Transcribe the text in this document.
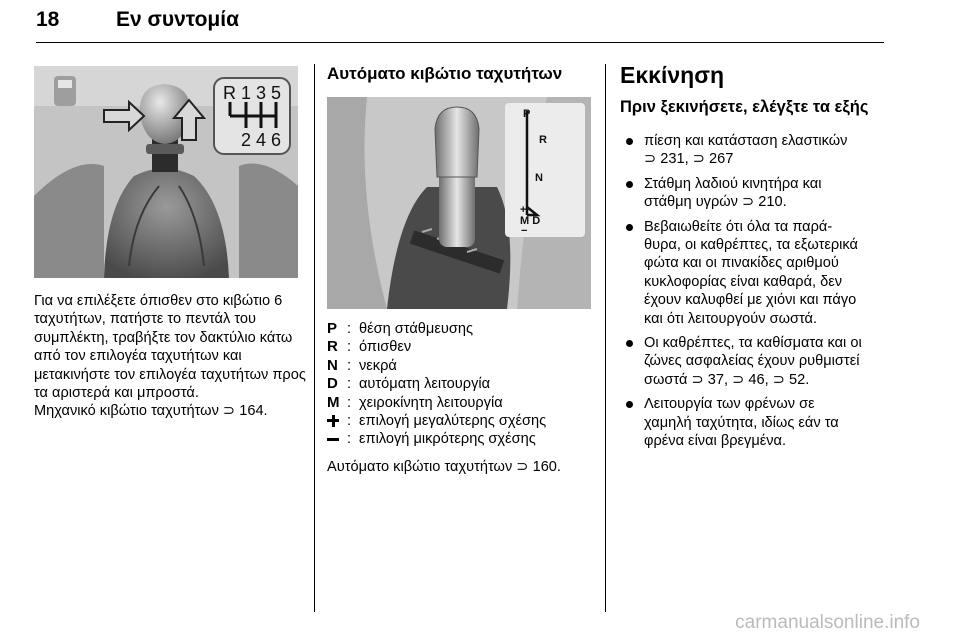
18	Εν συντομία
R 1 3 5
2 4 6
Για να επιλέξετε όπισθεν στο κιβώτιο 6 ταχυτήτων, πατήστε το πεντάλ του συμπλέκτη, τραβήξτε τον δακτύλιο κάτω από τον επιλογέα ταχυτήτων και μετακινήστε τον επιλογέα ταχυτήτων προς τα αριστερά και μπροστά.
Μηχανικό κιβώτιο ταχυτήτων ⊃ 164.
Αυτόματο κιβώτιο ταχυτήτων
P
R
N
+
M D
−
P : θέση στάθμευσης
R : όπισθεν
N : νεκρά
D : αυτόματη λειτουργία
M : χειροκίνητη λειτουργία
: επιλογή μεγαλύτερης σχέσης
: επιλογή μικρότερης σχέσης
Αυτόματο κιβώτιο ταχυτήτων ⊃ 160.
Εκκίνηση
Πριν ξεκινήσετε, ελέγξτε τα εξής
πίεση και κατάσταση ελαστικών
⊃ 231, ⊃ 267
Στάθμη λαδιού κινητήρα και
στάθμη υγρών ⊃ 210.
Βεβαιωθείτε ότι όλα τα παρά-
θυρα, οι καθρέπτες, τα εξωτερικά
φώτα και οι πινακίδες αριθμού
κυκλοφορίας είναι καθαρά, δεν
έχουν καλυφθεί με χιόνι και πάγο
και ότι λειτουργούν σωστά.
Οι καθρέπτες, τα καθίσματα και οι
ζώνες ασφαλείας έχουν ρυθμιστεί
σωστά ⊃ 37, ⊃ 46, ⊃ 52.
Λειτουργία των φρένων σε
χαμηλή ταχύτητα, ιδίως εάν τα
φρένα είναι βρεγμένα.
carmanualsonline.info
